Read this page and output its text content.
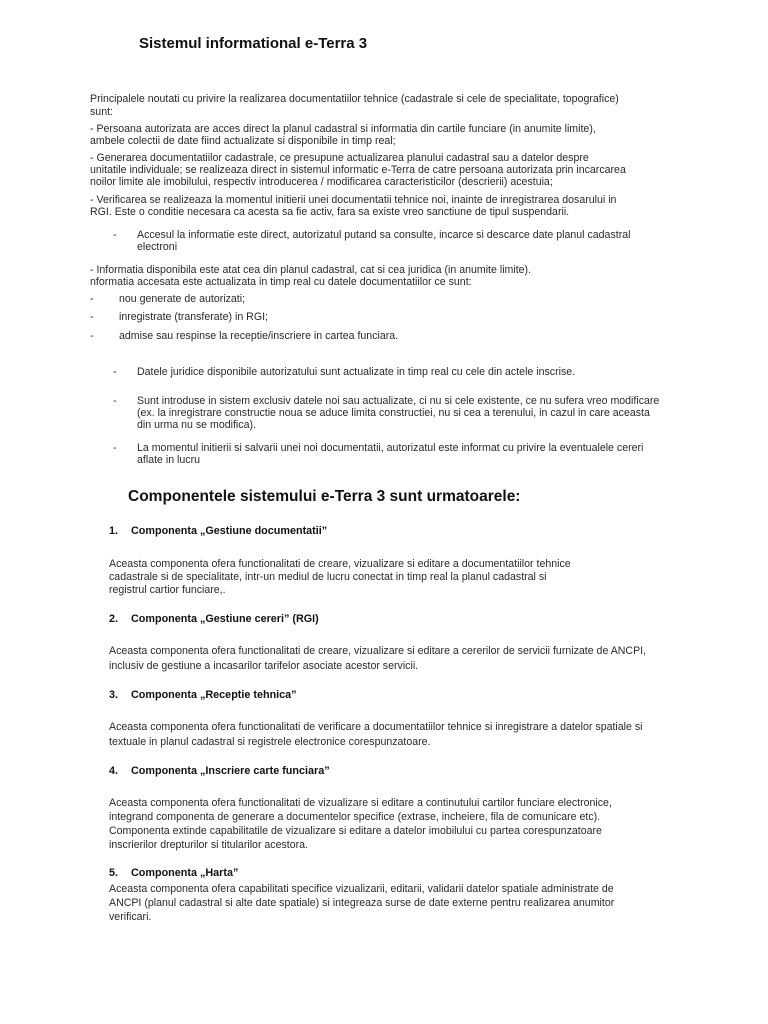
Sistemul informational e-Terra 3
Principalele noutati cu privire la realizarea documentatiilor tehnice (cadastrale si cele de specialitate, topografice)
sunt:
- Persoana autorizata are acces direct la planul cadastral si informatia din cartile funciare (in anumite limite),
ambele colectii de date fiind actualizate si disponibile in timp real;
- Generarea documentatiilor cadastrale, ce presupune actualizarea planului cadastral sau a datelor despre
unitatile individuale; se realizeaza direct in sistemul informatic e-Terra de catre persoana autorizata prin incarcarea
noilor limite ale imobilului, respectiv introducerea / modificarea caracteristicilor (descrierii) acestuia;
- Verificarea se realizeaza la momentul initierii unei documentatii tehnice noi, inainte de inregistrarea dosarului in
RGI. Este o conditie necesara ca acesta sa fie activ, fara sa existe vreo sanctiune de tipul suspendarii.
- Accesul la informatie este direct, autorizatul putand sa consulte, incarce si descarce date planul cadastral
electroni
- Informatia disponibila este atat cea din planul cadastral, cat si cea juridica (in anumite limite).
nformatia accesata este actualizata in timp real cu datele documentatiilor ce sunt:
- nou generate de autorizati;
- inregistrate (transferate) in RGI;
- admise sau respinse la receptie/inscriere in cartea funciara.
- Datele juridice disponibile autorizatului sunt actualizate in timp real cu cele din actele inscrise.
- Sunt introduse in sistem exclusiv datele noi sau actualizate, ci nu si cele existente, ce nu sufera vreo modificare
(ex. la inregistrare constructie noua se aduce limita constructiei, nu si cea a terenului, in cazul in care aceasta
din urma nu se modifica).
- La momentul initierii si salvarii unei noi documentatii, autorizatul este informat cu privire la eventualele cereri
aflate in lucru
Componentele sistemului e-Terra 3 sunt urmatoarele:
1. Componenta „Gestiune documentatii”
Aceasta componenta ofera functionalitati de creare, vizualizare si editare a documentatiilor tehnice
cadastrale si de specialitate, intr-un mediul de lucru conectat in timp real la planul cadastral si
registrul cartior funciare,.
2. Componenta „Gestiune cereri” (RGI)
Aceasta componenta ofera functionalitati de creare, vizualizare si editare a cererilor de servicii furnizate de ANCPI,
inclusiv de gestiune a incasarilor tarifelor asociate acestor servicii.
3. Componenta „Receptie tehnica”
Aceasta componenta ofera functionalitati de verificare a documentatiilor tehnice si inregistrare a datelor spatiale si
textuale in planul cadastral si registrele electronice corespunzatoare.
4. Componenta „Inscriere carte funciara”
Aceasta componenta ofera functionalitati de vizualizare si editare a continutului cartilor funciare electronice,
integrand componenta de generare a documentelor specifice (extrase, incheiere, fila de comunicare etc).
Componenta extinde capabilitatile de vizualizare si editare a datelor imobilului cu partea corespunzatoare
inscrierilor drepturilor si titularilor acestora.
5. Componenta „Harta”
Aceasta componenta ofera capabilitati specifice vizualizarii, editarii, validarii datelor spatiale administrate de
ANCPI (planul cadastral si alte date spatiale) si integreaza surse de date externe pentru realizarea anumitor
verificari.
